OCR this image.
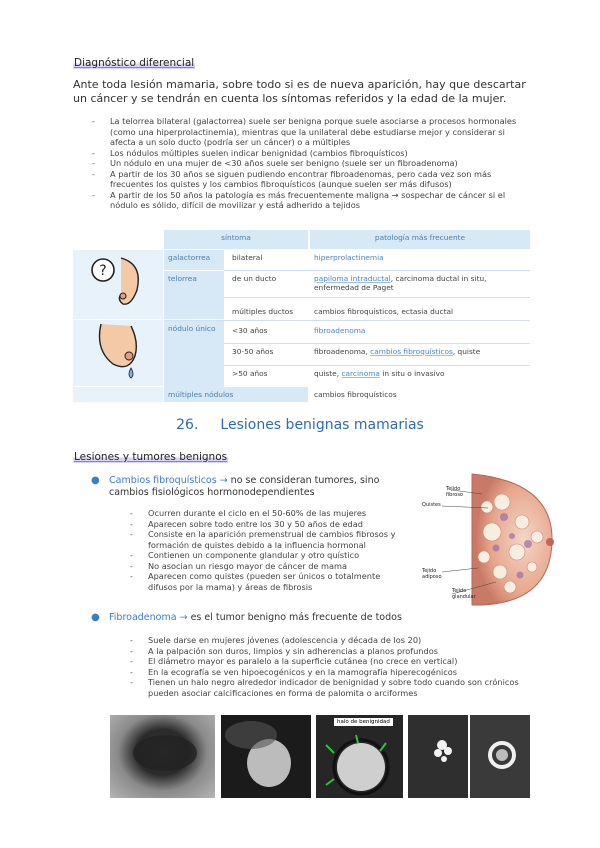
Diagnóstico diferencial
Ante toda lesión mamaria, sobre todo si es de nueva aparición, hay que descartar un cáncer y se tendrán en cuenta los síntomas referidos y la edad de la mujer.
- La telorrea bilateral (galactorrea) suele ser benigna porque suele asociarse a procesos hormonales (como una hiperprolactinemia), mientras que la unilateral debe estudiarse mejor y considerar si afecta a un solo ducto (podría ser un cáncer) o a múltiples
- Los nódulos múltiples suelen indicar benignidad (cambios fibroquísticos)
- Un nódulo en una mujer de <30 años suele ser benigno (suele ser un fibroadenoma)
- A partir de los 30 años se siguen pudiendo encontrar fibroadenomas, pero cada vez son más frecuentes los quistes y los cambios fibroquísticos (aunque suelen ser más difusos)
- A partir de los 50 años la patología es más frecuentemente maligna → sospechar de cáncer si el nódulo es sólido, difícil de movilizar y está adherido a tejidos
síntoma	patología más frecuente
?
galactorrea	bilateral	hiperprolactinemia
telorrea	de un ducto	papiloma intraductal, carcinoma ductal in situ, enfermedad de Paget
múltiples ductos	cambios fibroquísticos, ectasia ductal
nódulo único	<30 años	fibroadenoma
30-50 años	fibroadenoma, cambios fibroquísticos, quiste
>50 años	quiste, carcinoma in situ o invasivo
múltiples nódulos	cambios fibroquísticos
26. Lesiones benignas mamarias
Lesiones y tumores benignos
● Cambios fibroquísticos → no se consideran tumores, sino cambios fisiológicos hormonodependientes
- Ocurren durante el ciclo en el 50-60% de las mujeres
- Aparecen sobre todo entre los 30 y 50 años de edad
- Consiste en la aparición premenstrual de cambios fibrosos y formación de quistes debido a la influencia hormonal
- Contienen un componente glandular y otro quístico
- No asocian un riesgo mayor de cáncer de mama
- Aparecen como quistes (pueden ser únicos o totalmente difusos por la mama) y áreas de fibrosis
Tejido fibroso
Quistes
Tejido adiposo
Tejido glandular
● Fibroadenoma → es el tumor benigno más frecuente de todos
- Suele darse en mujeres jóvenes (adolescencia y década de los 20)
- A la palpación son duros, limpios y sin adherencias a planos profundos
- El diámetro mayor es paralelo a la superficie cutánea (no crece en vertical)
- En la ecografía se ven hipoecogénicos y en la mamografía hiperecogénicos
- Tienen un halo negro alrededor indicador de benignidad y sobre todo cuando son crónicos pueden asociar calcificaciones en forma de palomita o arciformes
halo de benignidad
